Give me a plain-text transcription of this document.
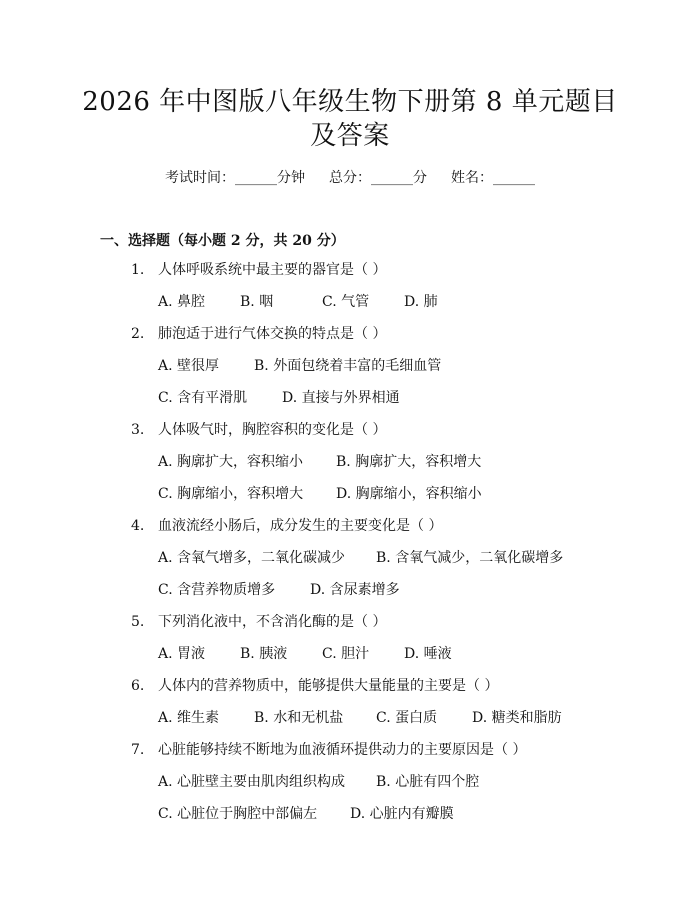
2026 年中图版八年级生物下册第 8 单元题目
及答案
考试时间：______分钟 总分：______分 姓名：______
一、选择题（每小题 2 分，共 20 分）
1. 人体呼吸系统中最主要的器官是（ ）
A. 鼻腔 B. 咽	C. 气管 D. 肺
2. 肺泡适于进行气体交换的特点是（ ）
A. 壁很厚 B. 外面包绕着丰富的毛细血管
C. 含有平滑肌 D. 直接与外界相通
3. 人体吸气时，胸腔容积的变化是（ ）
A. 胸廓扩大，容积缩小 B. 胸廓扩大，容积增大
C. 胸廓缩小，容积增大 D. 胸廓缩小，容积缩小
4. 血液流经小肠后，成分发生的主要变化是（ ）
A. 含氧气增多，二氧化碳减少 B. 含氧气减少，二氧化碳增多
C. 含营养物质增多 D. 含尿素增多
5. 下列消化液中，不含消化酶的是（ ）
A. 胃液 B. 胰液 C. 胆汁 D. 唾液
6. 人体内的营养物质中，能够提供大量能量的主要是（ ）
A. 维生素 B. 水和无机盐 C. 蛋白质 D. 糖类和脂肪
7. 心脏能够持续不断地为血液循环提供动力的主要原因是（ ）
A. 心脏壁主要由肌肉组织构成 B. 心脏有四个腔
C. 心脏位于胸腔中部偏左 D. 心脏内有瓣膜
